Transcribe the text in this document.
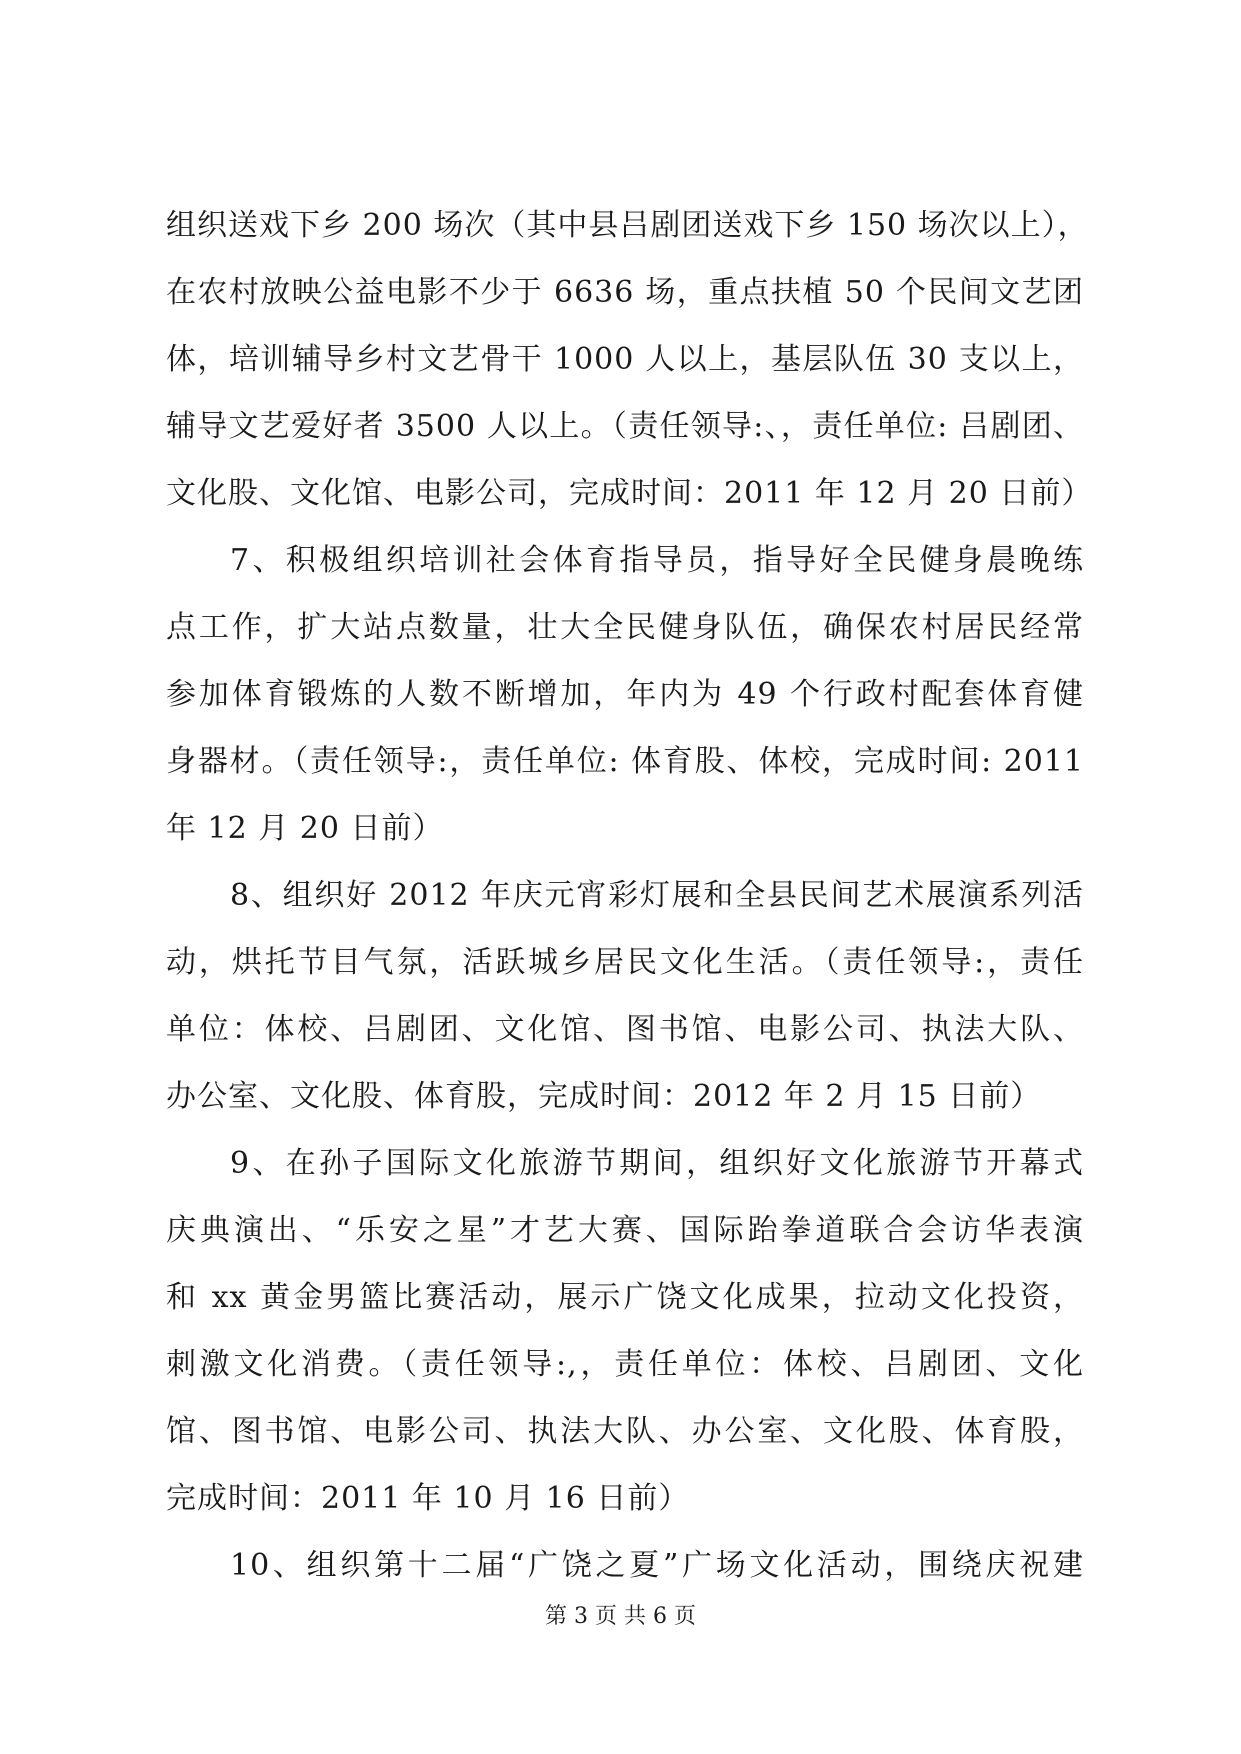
组织送戏下乡 200 场次（其中县吕剧团送戏下乡 150 场次以上），
在农村放映公益电影不少于 6636 场，重点扶植 50 个民间文艺团
体，培训辅导乡村文艺骨干 1000 人以上，基层队伍 30 支以上，
辅导文艺爱好者 3500 人以上。（责任领导:、，责任单位: 吕剧团、
文化股、文化馆、电影公司，完成时间：2011 年 12 月 20 日前）
7、积极组织培训社会体育指导员，指导好全民健身晨晚练
点工作，扩大站点数量，壮大全民健身队伍，确保农村居民经常
参加体育锻炼的人数不断增加，年内为 49 个行政村配套体育健
身器材。（责任领导:，责任单位: 体育股、体校，完成时间: 2011
年 12 月 20 日前）
8、组织好 2012 年庆元宵彩灯展和全县民间艺术展演系列活
动，烘托节目气氛，活跃城乡居民文化生活。（责任领导:，责任
单位：体校、吕剧团、文化馆、图书馆、电影公司、执法大队、
办公室、文化股、体育股，完成时间：2012 年 2 月 15 日前）
9、在孙子国际文化旅游节期间，组织好文化旅游节开幕式
庆典演出、“乐安之星”才艺大赛、国际跆拳道联合会访华表演
和 xx 黄金男篮比赛活动，展示广饶文化成果，拉动文化投资，
刺激文化消费。（责任领导:,，责任单位：体校、吕剧团、文化
馆、图书馆、电影公司、执法大队、办公室、文化股、体育股，
完成时间：2011 年 10 月 16 日前）
10、组织第十二届“广饶之夏”广场文化活动，围绕庆祝建
第 3 页 共 6 页
